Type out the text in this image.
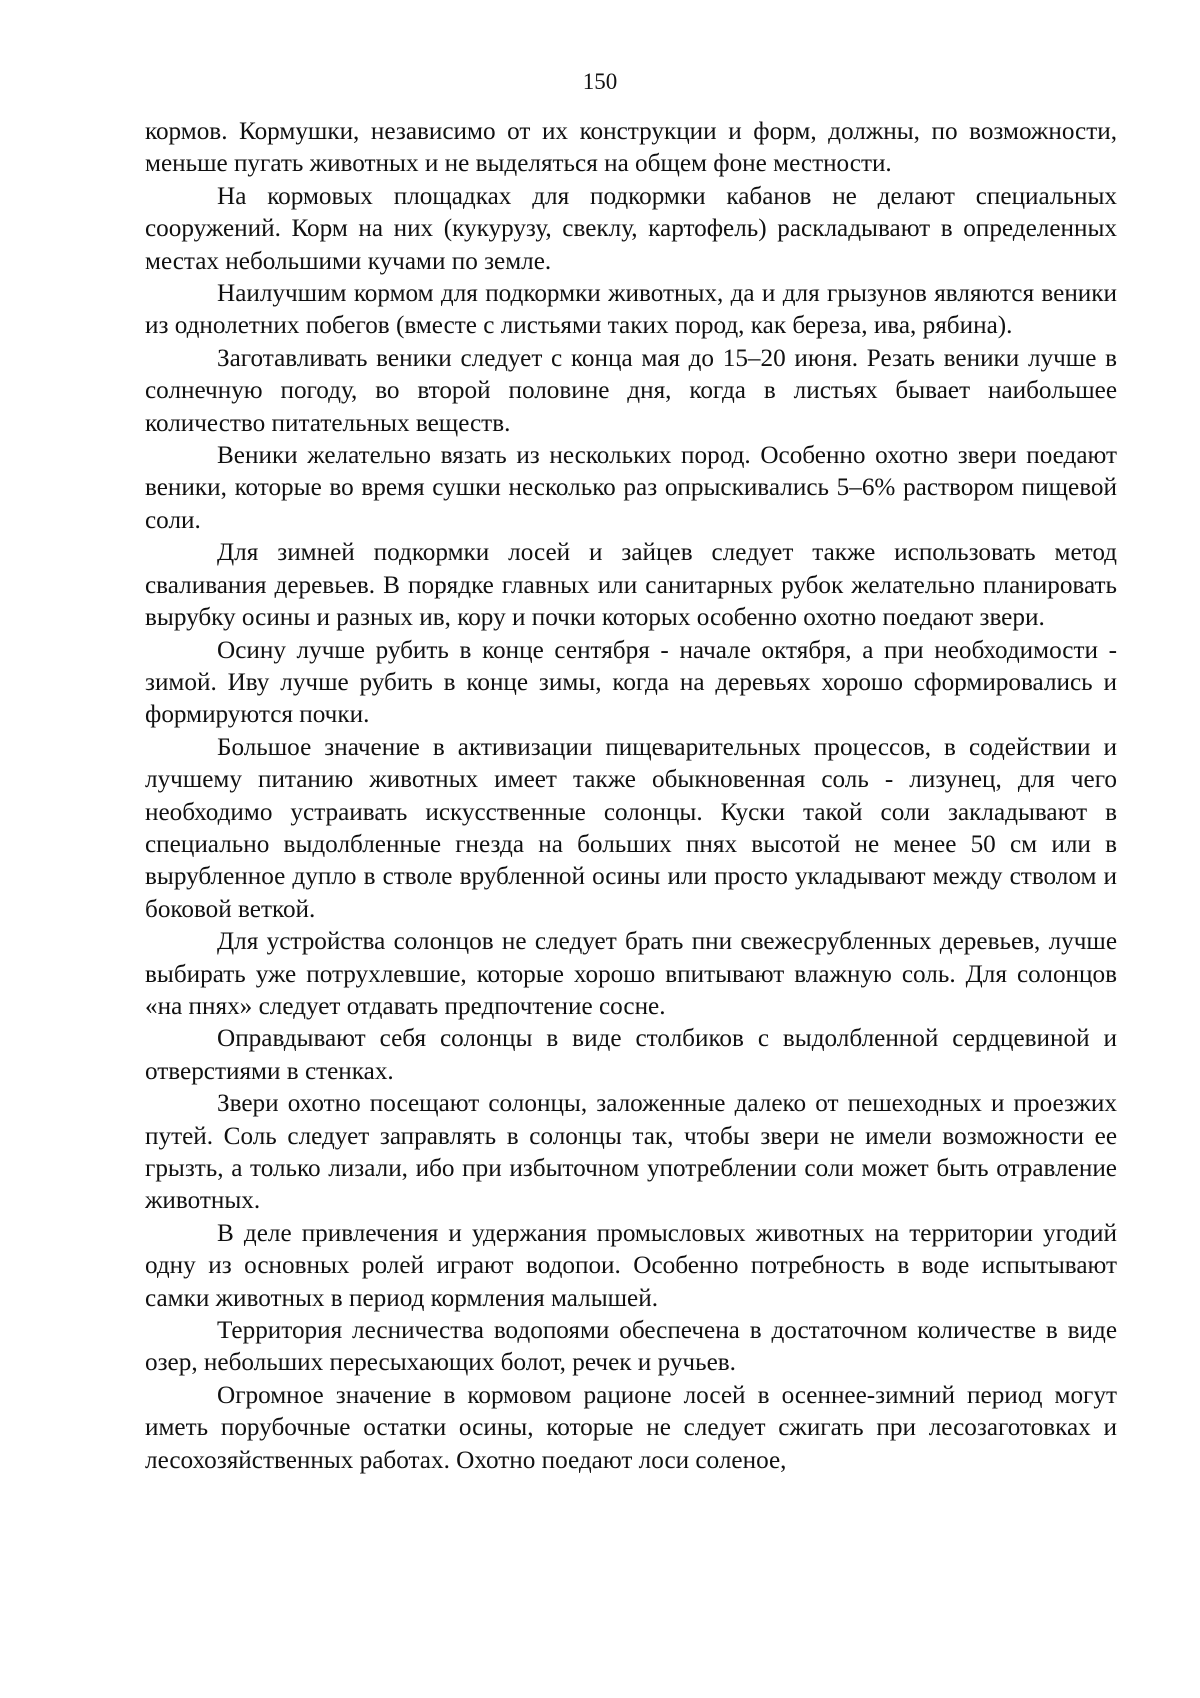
150

кормов. Кормушки, независимо от их конструкции и форм, должны, по возможности, меньше пугать животных и не выделяться на общем фоне местности.

На кормовых площадках для подкормки кабанов не делают специальных сооружений. Корм на них (кукурузу, свеклу, картофель) раскладывают в определенных местах небольшими кучами по земле.

Наилучшим кормом для подкормки животных, да и для грызунов являются веники из однолетних побегов (вместе с листьями таких пород, как береза, ива, рябина).

Заготавливать веники следует с конца мая до 15–20 июня. Резать веники лучше в солнечную погоду, во второй половине дня, когда в листьях бывает наибольшее количество питательных веществ.

Веники желательно вязать из нескольких пород. Особенно охотно звери поедают веники, которые во время сушки несколько раз опрыскивались 5–6% раствором пищевой соли.

Для зимней подкормки лосей и зайцев следует также использовать метод сваливания деревьев. В порядке главных или санитарных рубок желательно планировать вырубку осины и разных ив, кору и почки которых особенно охотно поедают звери.

Осину лучше рубить в конце сентября - начале октября, а при необходимости - зимой. Иву лучше рубить в конце зимы, когда на деревьях хорошо сформировались и формируются почки.

Большое значение в активизации пищеварительных процессов, в содействии и лучшему питанию животных имеет также обыкновенная соль - лизунец, для чего необходимо устраивать искусственные солонцы. Куски такой соли закладывают в специально выдолбленные гнезда на больших пнях высотой не менее 50 см или в вырубленное дупло в стволе врубленной осины или просто укладывают между стволом и боковой веткой.

Для устройства солонцов не следует брать пни свежесрубленных деревьев, лучше выбирать уже потрухлевшие, которые хорошо впитывают влажную соль. Для солонцов «на пнях» следует отдавать предпочтение сосне.

Оправдывают себя солонцы в виде столбиков с выдолбленной сердцевиной и отверстиями в стенках.

Звери охотно посещают солонцы, заложенные далеко от пешеходных и проезжих путей. Соль следует заправлять в солонцы так, чтобы звери не имели возможности ее грызть, а только лизали, ибо при избыточном употреблении соли может быть отравление животных.

В деле привлечения и удержания промысловых животных на территории угодий одну из основных ролей играют водопои. Особенно потребность в воде испытывают самки животных в период кормления малышей.

Территория лесничества водопоями обеспечена в достаточном количестве в виде озер, небольших пересыхающих болот, речек и ручьев.

Огромное значение в кормовом рационе лосей в осеннее-зимний период могут иметь порубочные остатки осины, которые не следует сжигать при лесозаготовках и лесохозяйственных работах. Охотно поедают лоси соленое,
